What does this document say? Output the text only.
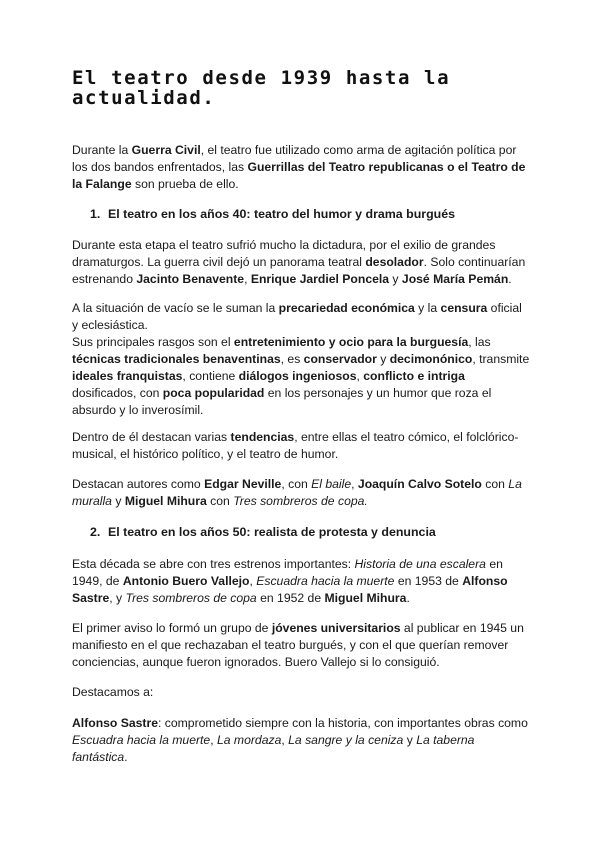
El teatro desde 1939 hasta la actualidad.

Durante la Guerra Civil, el teatro fue utilizado como arma de agitación política por los dos bandos enfrentados, las Guerrillas del Teatro republicanas o el Teatro de la Falange son prueba de ello.

1. El teatro en los años 40: teatro del humor y drama burgués

Durante esta etapa el teatro sufrió mucho la dictadura, por el exilio de grandes dramaturgos. La guerra civil dejó un panorama teatral desolador. Solo continuarían estrenando Jacinto Benavente, Enrique Jardiel Poncela y José María Pemán.

A la situación de vacío se le suman la precariedad económica y la censura oficial y eclesiástica.

Sus principales rasgos son el entretenimiento y ocio para la burguesía, las técnicas tradicionales benaventinas, es conservador y decimonónico, transmite ideales franquistas, contiene diálogos ingeniosos, conflicto e intriga dosificados, con poca popularidad en los personajes y un humor que roza el absurdo y lo inverosímil.

Dentro de él destacan varias tendencias, entre ellas el teatro cómico, el folclórico-musical, el histórico político, y el teatro de humor.

Destacan autores como Edgar Neville, con El baile, Joaquín Calvo Sotelo con La muralla y Miguel Mihura con Tres sombreros de copa.

2. El teatro en los años 50: realista de protesta y denuncia

Esta década se abre con tres estrenos importantes: Historia de una escalera en 1949, de Antonio Buero Vallejo, Escuadra hacia la muerte en 1953 de Alfonso Sastre, y Tres sombreros de copa en 1952 de Miguel Mihura.

El primer aviso lo formó un grupo de jóvenes universitarios al publicar en 1945 un manifiesto en el que rechazaban el teatro burgués, y con el que querían remover conciencias, aunque fueron ignorados. Buero Vallejo si lo consiguió.

Destacamos a:

Alfonso Sastre: comprometido siempre con la historia, con importantes obras como Escuadra hacia la muerte, La mordaza, La sangre y la ceniza y La taberna fantástica.
